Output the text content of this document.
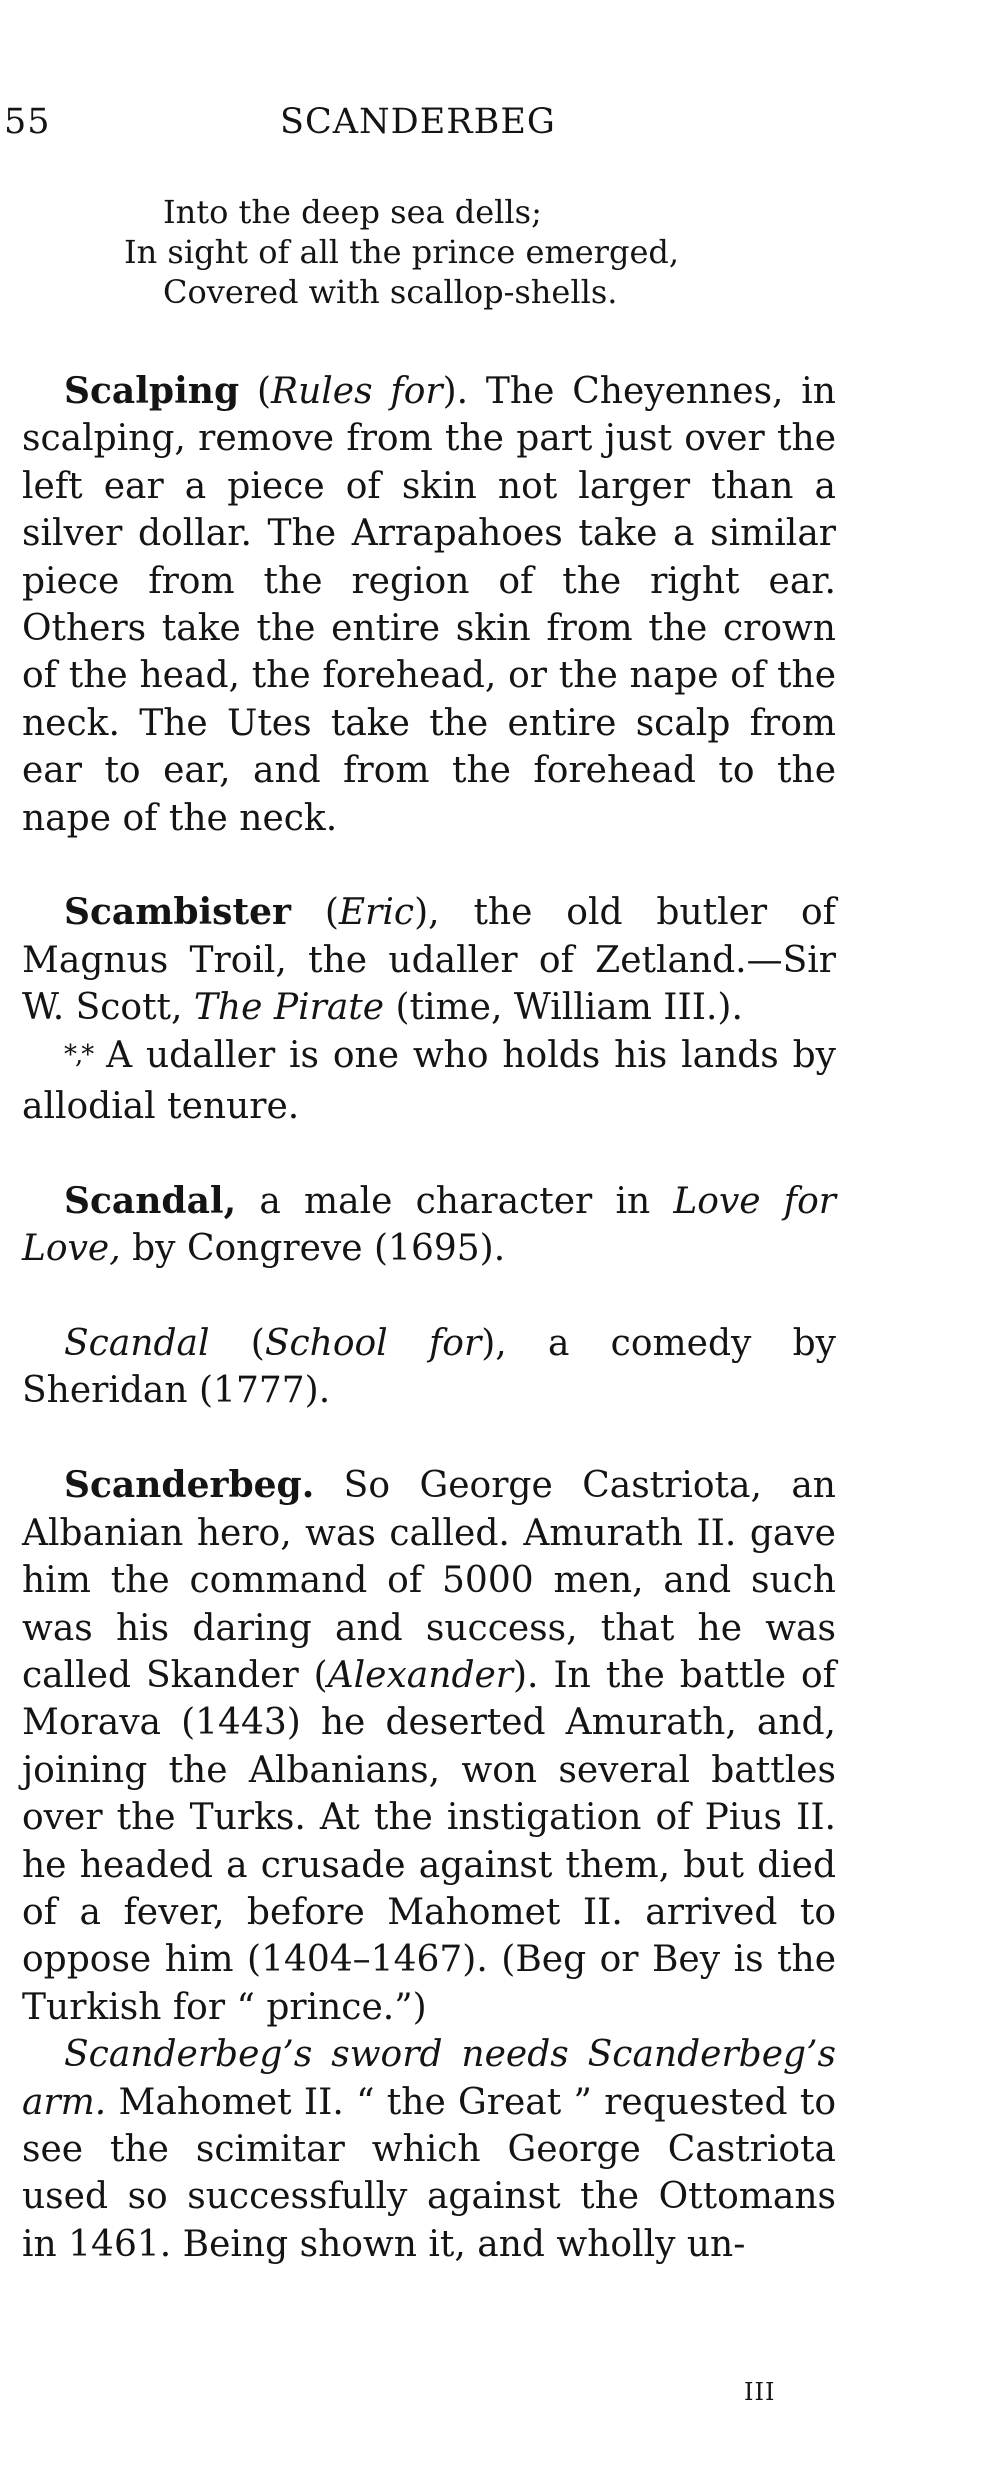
55	SCANDERBEG
Into the deep sea dells;
In sight of all the prince emerged,
Covered with scallop-shells.

Scalping (Rules for). The Cheyennes, in scalping, remove from the part just over the left ear a piece of skin not larger than a silver dollar. The Arrapahoes take a similar piece from the region of the right ear. Others take the entire skin from the crown of the head, the forehead, or the nape of the neck. The Utes take the entire scalp from ear to ear, and from the forehead to the nape of the neck.

Scambister (Eric), the old butler of Magnus Troil, the udaller of Zetland.—Sir W. Scott, The Pirate (time, William III.).

*,* A udaller is one who holds his lands by allodial tenure.

Scandal, a male character in Love for Love, by Congreve (1695).

Scandal (School for), a comedy by Sheridan (1777).

Scanderbeg. So George Castriota, an Albanian hero, was called. Amurath II. gave him the command of 5000 men, and such was his daring and success, that he was called Skander (Alexander). In the battle of Morava (1443) he deserted Amurath, and, joining the Albanians, won several battles over the Turks. At the instigation of Pius II. he headed a crusade against them, but died of a fever, before Mahomet II. arrived to oppose him (1404–1467). (Beg or Bey is the Turkish for “ prince.”)

Scanderbeg’s sword needs Scanderbeg’s arm. Mahomet II. “ the Great ” requested to see the scimitar which George Castriota used so successfully against the Ottomans in 1461. Being shown it, and wholly un-

III
